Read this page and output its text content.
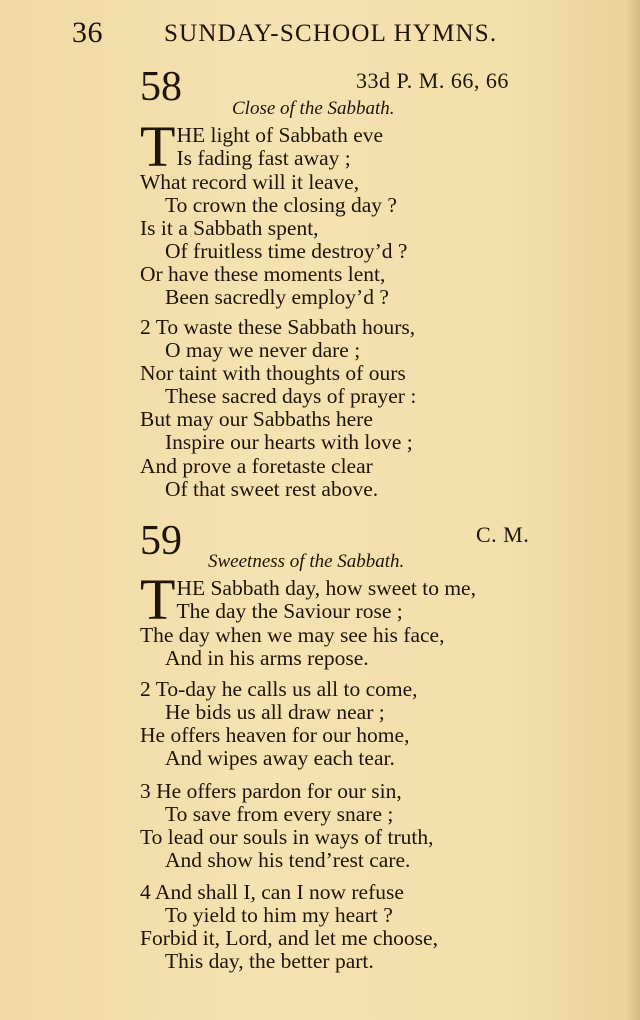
36 SUNDAY-SCHOOL HYMNS.
58	33d P. M. 66, 66
Close of the Sabbath.
T HE light of Sabbath eve
Is fading fast away ;
What record will it leave,
To crown the closing day ?
Is it a Sabbath spent,
Of fruitless time destroy’d ?
Or have these moments lent,
Been sacredly employ’d ?
2 To waste these Sabbath hours,
O may we never dare ;
Nor taint with thoughts of ours
These sacred days of prayer :
But may our Sabbaths here
Inspire our hearts with love ;
And prove a foretaste clear
Of that sweet rest above.
59	C. M.
Sweetness of the Sabbath.
T HE Sabbath day, how sweet to me,
The day the Saviour rose ;
The day when we may see his face,
And in his arms repose.
2 To-day he calls us all to come,
He bids us all draw near ;
He offers heaven for our home,
And wipes away each tear.
3 He offers pardon for our sin,
To save from every snare ;
To lead our souls in ways of truth,
And show his tend’rest care.
4 And shall I, can I now refuse
To yield to him my heart ?
Forbid it, Lord, and let me choose,
This day, the better part.
